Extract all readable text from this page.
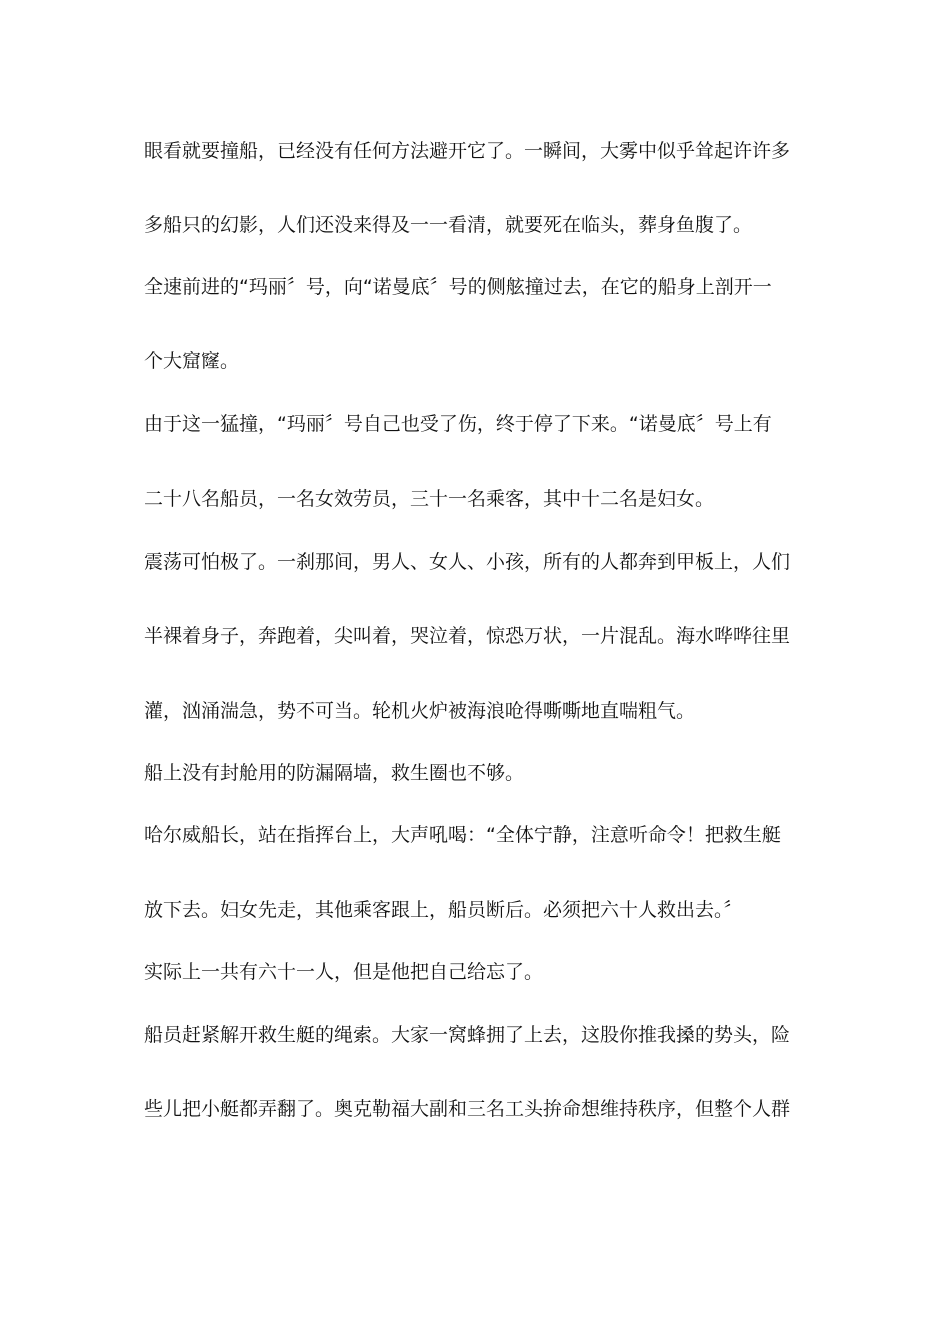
眼看就要撞船，已经没有任何方法避开它了。一瞬间，大雾中似乎耸起许许多
多船只的幻影，人们还没来得及一一看清，就要死在临头，葬身鱼腹了。
全速前进的“玛丽〞号，向“诺曼底〞号的侧舷撞过去，在它的船身上剖开一
个大窟窿。
由于这一猛撞，“玛丽〞号自己也受了伤，终于停了下来。“诺曼底〞号上有
二十八名船员，一名女效劳员，三十一名乘客，其中十二名是妇女。
震荡可怕极了。一刹那间，男人、女人、小孩，所有的人都奔到甲板上，人们
半裸着身子，奔跑着，尖叫着，哭泣着，惊恐万状，一片混乱。海水哗哗往里
灌，汹涌湍急，势不可当。轮机火炉被海浪呛得嘶嘶地直喘粗气。
船上没有封舱用的防漏隔墙，救生圈也不够。
哈尔威船长，站在指挥台上，大声吼喝：“全体宁静，注意听命令！把救生艇
放下去。妇女先走，其他乘客跟上，船员断后。必须把六十人救出去。〞
实际上一共有六十一人，但是他把自己给忘了。
船员赶紧解开救生艇的绳索。大家一窝蜂拥了上去，这股你推我搡的势头，险
些儿把小艇都弄翻了。奥克勒福大副和三名工头拚命想维持秩序，但整个人群
